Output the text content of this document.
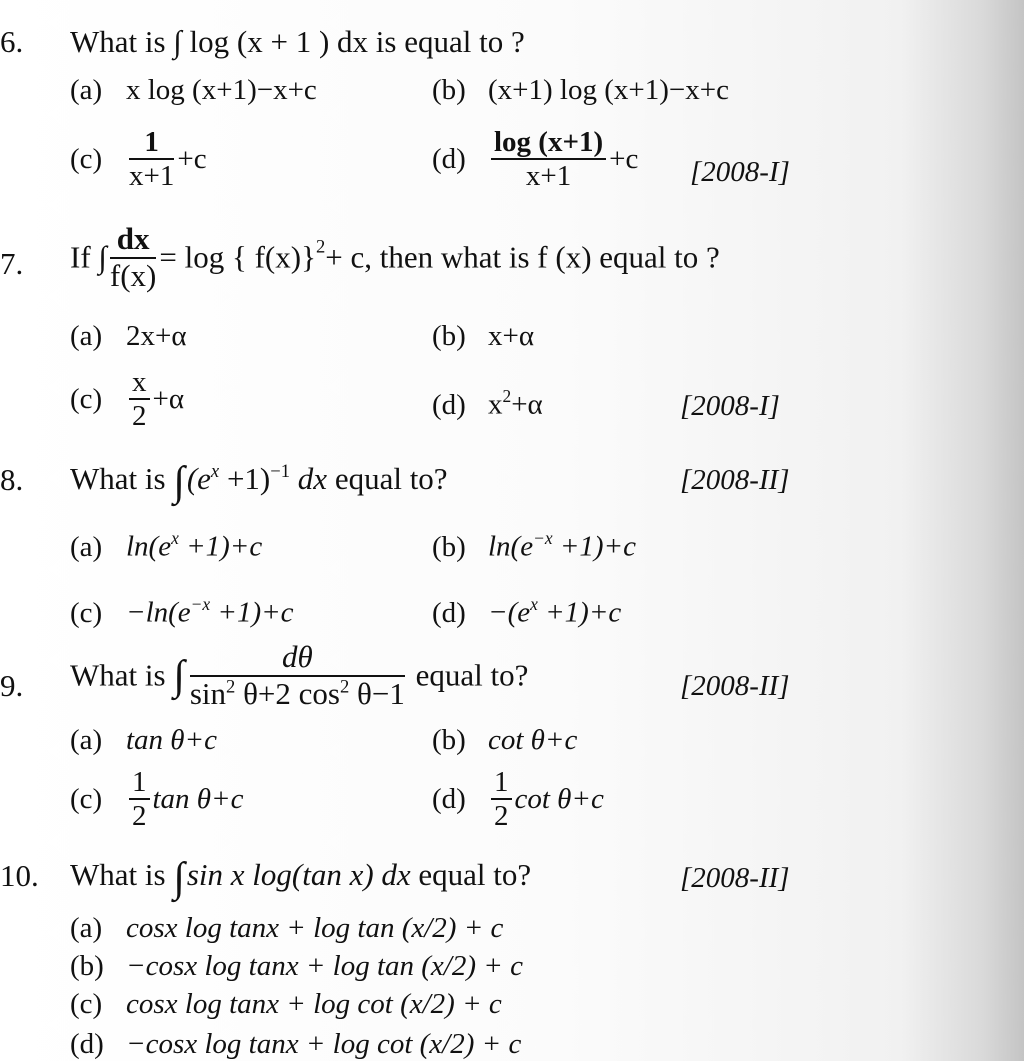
6. What is ∫ log (x + 1 ) dx is equal to ?
(a) x log (x+1)−x+c	(b) (x+1) log (x+1)−x+c
$(c) \frac{1}{x+1} +c$	$(d) \frac{\log (x+1)}{x+1} +c$ [2008-I]
7. If ∫ $\frac{dx}{f(x)} = \log$ { f(x)}$^2$+ c, then what is f (x) equal to ?
(a) 2x+α	(b) x+α
$(c) \frac{x}{2} +\alpha$	(d) $x^2+\alpha$	[2008-I]
8. What is $\int(e^x +1)^{-1}$ dx equal to?	[2008-II]
(a) $\ln(e^x +1)+c$	(b) $\ln(e^{-x} +1)+c$
$(c) -\ln(e^{-x} +1)+c$	$(d) -(e^x +1)+c$
9. What is ∫ $\frac{d\theta}{\sin^2 \theta+2 \cos^2 \theta-1}$ equal to?	[2008-II]
(a) tan θ+c	(b) cot θ+c
$(c) \frac{1}{2}$ tan θ+c	$(d) \frac{1}{2}$ cot θ+c
10. What is ∫sin x log(tan x) dx equal to?	[2008-II]
(a) cosx log tanx + log tan (x/2) + c
(b) −cosx log tanx + log tan (x/2) + c
(c) cosx log tanx + log cot (x/2) + c
(d) −cosx log tanx + log cot (x/2) + c
